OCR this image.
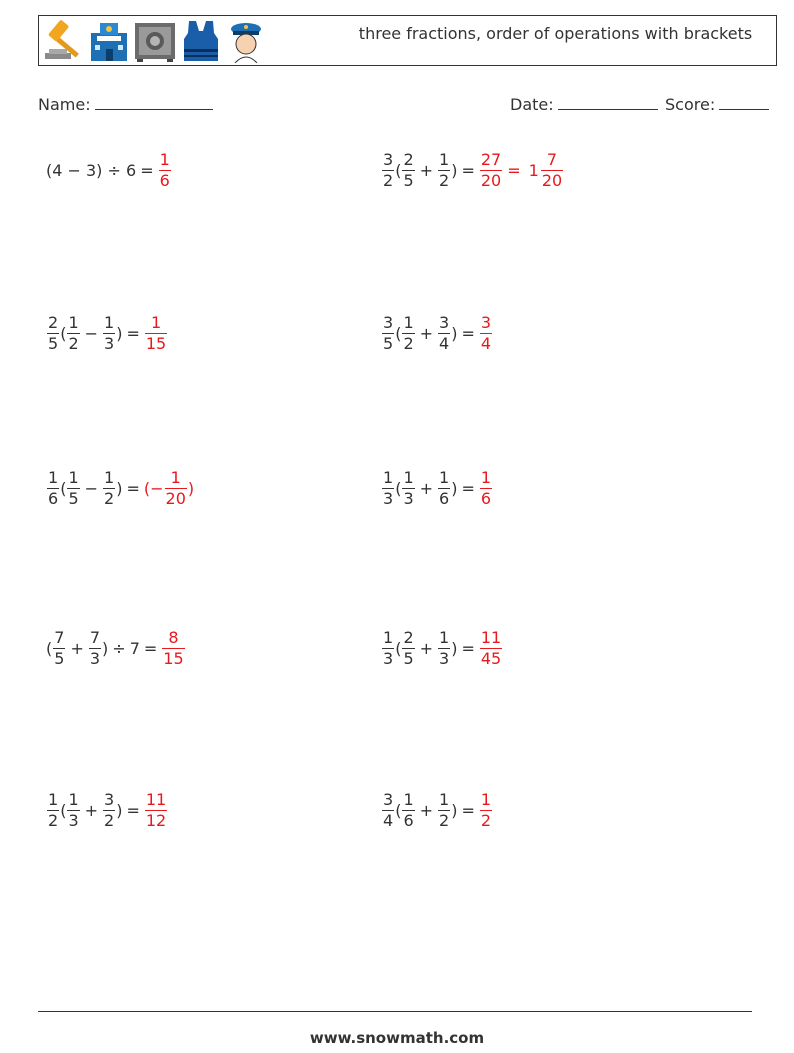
three fractions, order of operations with brackets
Name:	Date:	Score:
$(4 - 3) \div 6 = \frac{1}{6}$	$\frac{3}{2}$ ( $\frac{2}{5} + \frac{1}{2}$ ) = $\frac{27}{20} = 1 \frac{7}{20}$
$\frac{2}{5}$ ( $\frac{1}{2} - \frac{1}{3}$ ) = $\frac{1}{15}$	$\frac{3}{5}$ ( $\frac{1}{2} + \frac{3}{4}$ ) = $\frac{3}{4}$
$\frac{1}{6}$ ( $\frac{1}{5} - \frac{1}{2}$ ) = (− $\frac{1}{20}$ )	$\frac{1}{3}$ ( $\frac{1}{3} + \frac{1}{6}$ ) = $\frac{1}{6}$
( $\frac{7}{5} + \frac{7}{3}$ ) ÷ $7 = \frac{8}{15}$	$\frac{1}{3}$ ( $\frac{2}{5} + \frac{1}{3}$ ) = $\frac{11}{45}$
$\frac{1}{2}$ ( $\frac{1}{3} + \frac{3}{2}$ ) = $\frac{11}{12}$	$\frac{3}{4}$ ( $\frac{1}{6} + \frac{1}{2}$ ) = $\frac{1}{2}$
www.snowmath.com
